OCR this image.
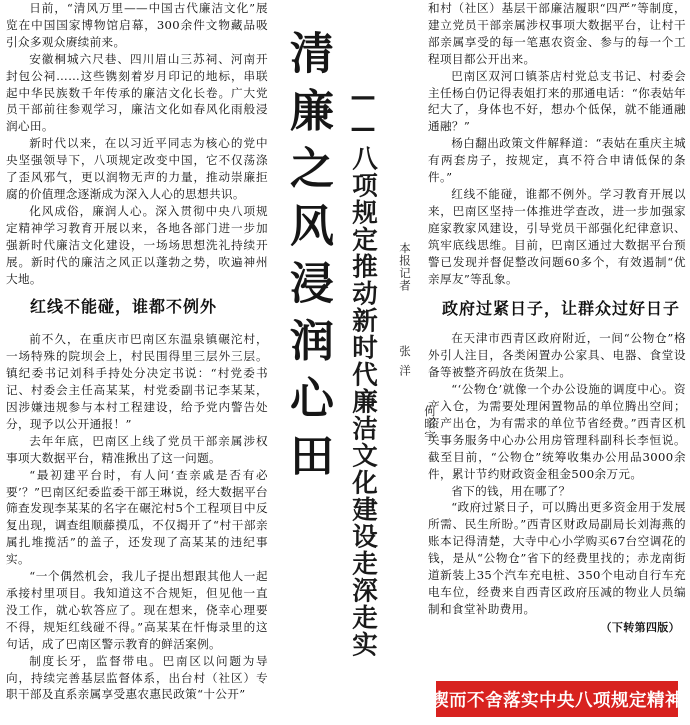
日前，“清风万里——中国古代廉洁文化”展览在中国国家博物馆启幕，300余件文物藏品吸引众多观众赓续前来。

安徽桐城六尺巷、四川眉山三苏祠、河南开封包公祠……这些镌刻着岁月印记的地标，串联起中华民族数千年传承的廉洁文化长卷。广大党员干部前往参观学习，廉洁文化如春风化雨般浸润心田。

新时代以来，在以习近平同志为核心的党中央坚强领导下，八项规定改变中国，它不仅荡涤了歪风邪气，更以润物无声的力量，推动崇廉拒腐的价值理念逐渐成为深入人心的思想共识。

化风成俗，廉润人心。深入贯彻中央八项规定精神学习教育开展以来，各地各部门进一步加强新时代廉洁文化建设，一场场思想洗礼持续开展。新时代的廉洁之风正以蓬勃之势，吹遍神州大地。

红线不能碰，谁都不例外

前不久，在重庆市巴南区东温泉镇碾沱村，一场特殊的院坝会上，村民围得里三层外三层。镇纪委书记刘科手持处分决定书说：“村党委书记、村委会主任高某某，村党委副书记李某某，因涉嫌违规参与本村工程建设，给予党内警告处分，现予以公开通报！”

去年年底，巴南区上线了党员干部亲属涉权事项大数据平台，精准揪出了这一问题。

“最初建平台时，有人问‘查亲戚是否有必要’？”巴南区纪委监委干部王琳说，经大数据平台筛查发现李某某的名字在碾沱村5个工程项目中反复出现，调查组顺藤摸瓜，不仅揭开了“村干部亲属扎堆揽活”的盖子，还发现了高某某的违纪事实。

“一个偶然机会，我儿子提出想跟其他人一起承接村里项目。我知道这不合规矩，但见他一直没工作，就心软答应了。现在想来，侥幸心理要不得，规矩红线碰不得。”高某某在忏悔录里的这句话，成了巴南区警示教育的鲜活案例。

制度长牙，监督带电。巴南区以问题为导向，持续完善基层监督体系，出台村（社区）专职干部及直系亲属享受惠农惠民政策“十公开”

清廉之风浸润心田 ——八项规定推动新时代廉洁文化建设走深走实 本报记者
张洋
何昭宇

和村（社区）基层干部廉洁履职“四严”等制度，建立党员干部亲属涉权事项大数据平台，让村干部亲属享受的每一笔惠农资金、参与的每一个工程项目都公开出来。

巴南区双河口镇茶店村党总支书记、村委会主任杨白仍记得表姐打来的那通电话：“你表姑年纪大了，身体也不好，想办个低保，就不能通融通融？”

杨白翻出政策文件解释道：“表姑在重庆主城有两套房子，按规定，真不符合申请低保的条件。”

红线不能碰，谁都不例外。学习教育开展以来，巴南区坚持一体推进学查改，进一步加强家庭家教家风建设，引导党员干部强化纪律意识、筑牢底线思维。目前，巴南区通过大数据平台预警已发现并督促整改问题60多个，有效遏制“优亲厚友”等乱象。

政府过紧日子，让群众过好日子

在天津市西青区政府附近，一间“公物仓”格外引人注目，各类闲置办公家具、电器、食堂设备等被整齐码放在货架上。

“‘公物仓’就像一个办公设施的调度中心。资产入仓，为需要处理闲置物品的单位腾出空间；资产出仓，为有需求的单位节省经费。”西青区机关事务服务中心办公用房管理科副科长李恒说。截至目前，“公物仓”统筹收集办公用品3000余件，累计节约财政资金租金500余万元。

省下的钱，用在哪了？

“政府过紧日子，可以腾出更多资金用于发展所需、民生所盼。”西青区财政局副局长刘海燕的账本记得清楚，大寺中心小学购买67台空调花的钱，是从“公物仓”省下的经费里找的；赤龙南街道新装上35个汽车充电桩、350个电动自行车充电车位，经费来自西青区政府压减的物业人员编制和食堂补助费用。

（下转第四版）
锲而不舍落实中央八项规定精神
